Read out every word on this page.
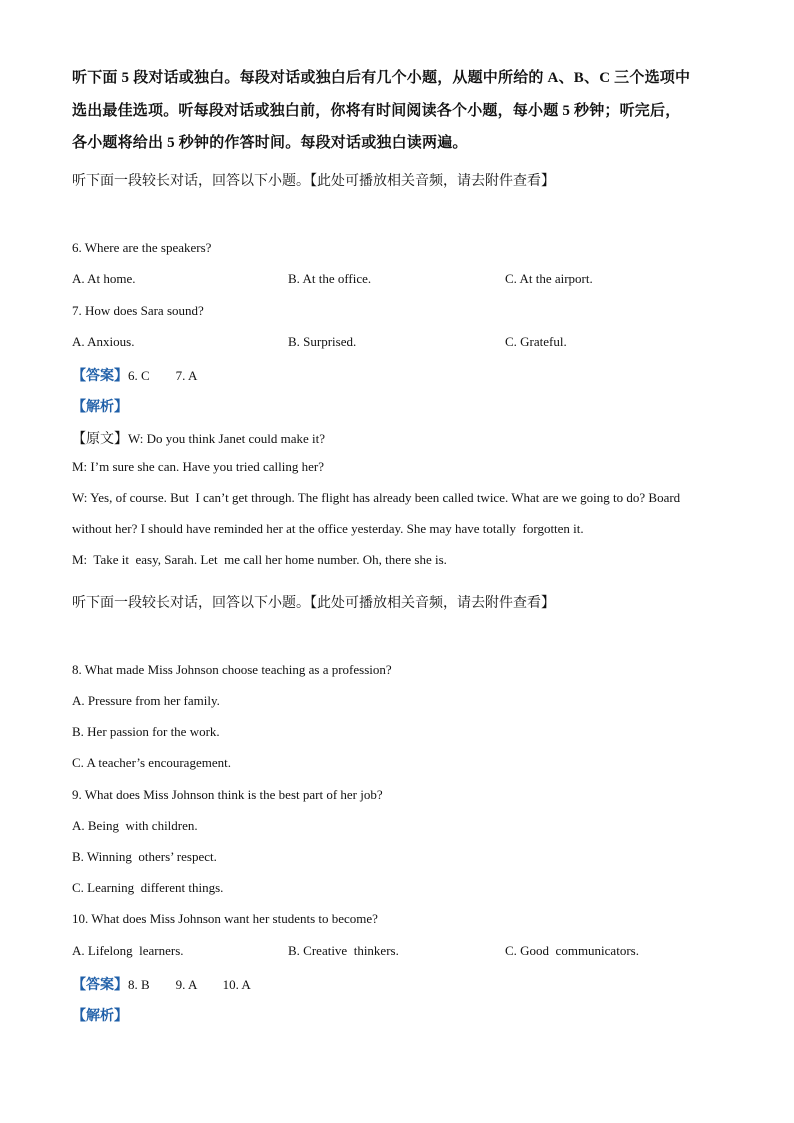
听下面 5 段对话或独白。每段对话或独白后有几个小题，从题中所给的 A、B、C 三个选项中
选出最佳选项。听每段对话或独白前，你将有时间阅读各个小题，每小题 5 秒钟；听完后，
各小题将给出 5 秒钟的作答时间。每段对话或独白读两遍。
听下面一段较长对话，回答以下小题。【此处可播放相关音频，请去附件查看】
6. Where are the speakers?
A. At home.	B. At the office.	C. At the airport.
7. How does Sara sound?
A. Anxious.	B. Surprised.	C. Grateful.
【答案】6. C        7. A
【解析】
【原文】W: Do you think Janet could make it?
M: I’m sure she can. Have you tried calling her?
W: Yes, of course. But  I can’t get through. The flight has already been called twice. What are we going to do? Board
without her? I should have reminded her at the office yesterday. She may have totally  forgotten it.
M:  Take it  easy, Sarah. Let  me call her home number. Oh, there she is.
听下面一段较长对话，回答以下小题。【此处可播放相关音频，请去附件查看】
8. What made Miss Johnson choose teaching as a profession?
A. Pressure from her family.
B. Her passion for the work.
C. A teacher’s encouragement.
9. What does Miss Johnson think is the best part of her job?
A. Being  with children.
B. Winning  others’ respect.
C. Learning  different things.
10. What does Miss Johnson want her students to become?
A. Lifelong  learners.	B. Creative  thinkers.	C. Good  communicators.
【答案】8. B        9. A        10. A
【解析】
